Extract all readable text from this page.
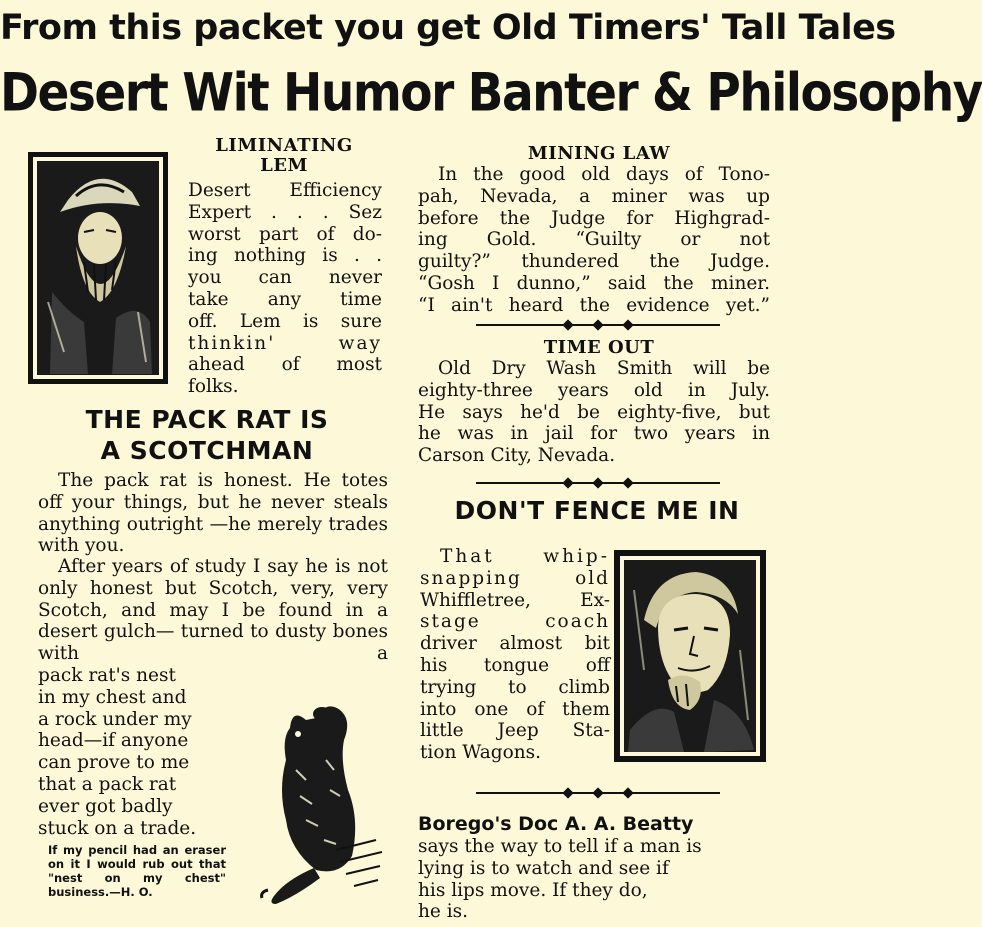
From this packet you get Old Timers' Tall Tales
Desert Wit Humor Banter & Philosophy
LIMINATING
LEM
Desert Efficiency
Expert . . . Sez
worst part of do-
ing nothing is . .
you can never
take any time
off. Lem is sure
thinkin' way
ahead of most
folks.
THE PACK RAT IS
A SCOTCHMAN
The pack rat is honest. He totes off your things, but he never steals anything outright —he merely trades with you.
After years of study I say he is not only honest but Scotch, very, very Scotch, and may I be found in a desert gulch— turned to dusty bones with a
pack rat's nest
in my chest and
a rock under my
head—if anyone
can prove to me
that a pack rat
ever got badly
stuck on a trade.
If my pencil had an eraser on it I would rub out that "nest on my chest" business.—H. O.
MINING LAW
In the good old days of Tono-
pah, Nevada, a miner was up
before the Judge for Highgrad-
ing Gold. “Guilty or not
guilty?” thundered the Judge.
“Gosh I dunno,” said the miner.
“I ain't heard the evidence yet.”
TIME OUT
Old Dry Wash Smith will be
eighty-three years old in July.
He says he'd be eighty-five, but
he was in jail for two years in
Carson City, Nevada.
DON'T FENCE ME IN
That whip-
snapping old
Whiffletree, Ex-
stage coach
driver almost bit
his tongue off
trying to climb
into one of them
little Jeep Sta-
tion Wagons.
Borego's Doc A. A. Beatty
says the way to tell if a man is
lying is to watch and see if
his lips move. If they do,
he is.
